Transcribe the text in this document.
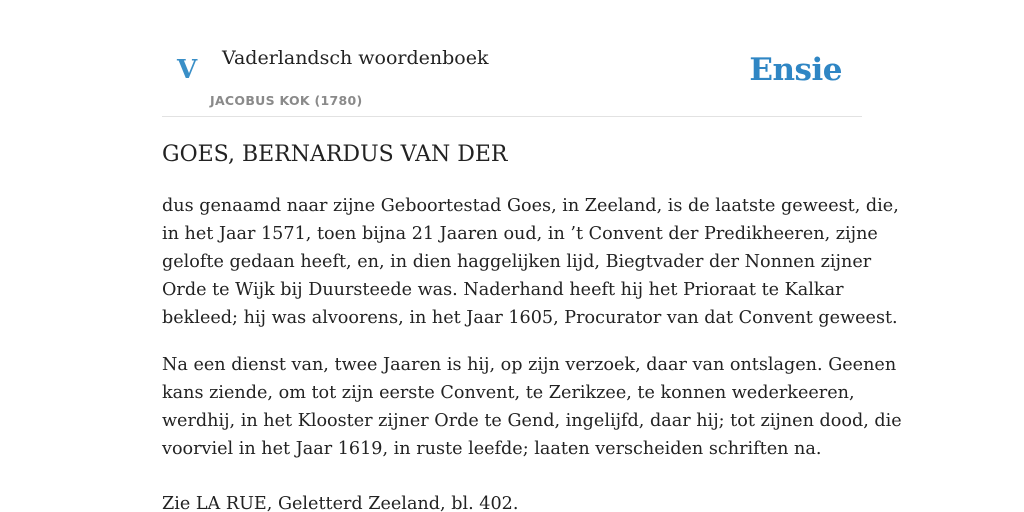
V Vaderlandsch woordenboek
JACOBUS KOK (1780)
Ensie
GOES, BERNARDUS VAN DER

dus genaamd naar zijne Geboortestad Goes, in Zeeland, is de laatste geweest, die,
in het Jaar 1571, toen bijna 21 Jaaren oud, in ’t Convent der Predikheeren, zijne
gelofte gedaan heeft, en, in dien haggelijken lijd, Biegtvader der Nonnen zijner
Orde te Wijk bij Duursteede was. Naderhand heeft hij het Prioraat te Kalkar
bekleed; hij was alvoorens, in het Jaar 1605, Procurator van dat Convent geweest.

Na een dienst van, twee Jaaren is hij, op zijn verzoek, daar van ontslagen. Geenen
kans ziende, om tot zijn eerste Convent, te Zerikzee, te konnen wederkeeren,
werdhij, in het Klooster zijner Orde te Gend, ingelijfd, daar hij; tot zijnen dood, die
voorviel in het Jaar 1619, in ruste leefde; laaten verscheiden schriften na.

Zie LA RUE, Geletterd Zeeland, bl. 402.
